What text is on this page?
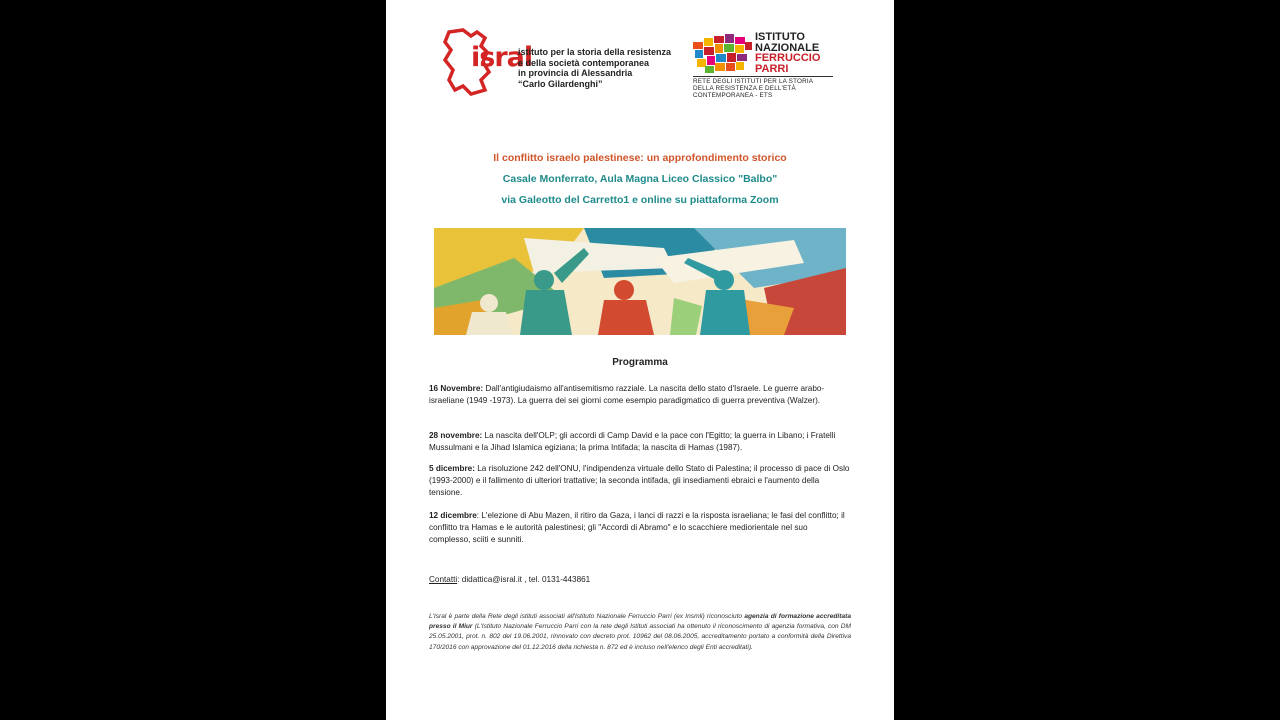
isral
istituto per la storia della resistenza
e della società contemporanea
in provincia di Alessandria
“Carlo Gilardenghi”
ISTITUTO
NAZIONALE
FERRUCCIO
PARRI
RETE DEGLI ISTITUTI PER LA STORIA
DELLA RESISTENZA E DELL'ETÀ
CONTEMPORANEA - ETS
Il conflitto israelo palestinese: un approfondimento storico
Casale Monferrato, Aula Magna Liceo Classico "Balbo"
via Galeotto del Carretto1 e online su piattaforma Zoom
Programma
16 Novembre: Dall'antigiudaismo all'antisemitismo razziale. La nascita dello stato d'Israele. Le guerre arabo- israeliane (1949 -1973). La guerra dei sei giorni come esempio paradigmatico di guerra preventiva (Walzer).
28 novembre: La nascita dell'OLP; gli accordi di Camp David e la pace con l'Egitto; la guerra in Libano; i Fratelli Mussulmani e la Jihad Islamica egiziana; la prima Intifada; la nascita di Hamas (1987).
5 dicembre: La risoluzione 242 dell'ONU, l'indipendenza virtuale dello Stato di Palestina; il processo di pace di Oslo (1993-2000) e il fallimento di ulteriori trattative; la seconda intifada, gli insediamenti ebraici e l'aumento della tensione.
12 dicembre: L'elezione di Abu Mazen, il ritiro da Gaza, i lanci di razzi e la risposta israeliana; le fasi del conflitto; il conflitto tra Hamas e le autorità palestinesi; gli "Accordi di Abramo" e lo scacchiere mediorientale nel suo complesso, sciiti e sunniti.
Contatti: didattica@isral.it , tel. 0131-443861
L'Isral è parte della Rete degli istituti associati all'Istituto Nazionale Ferruccio Parri (ex Insmli) riconosciuto agenzia di formazione accreditata presso il Miur (L'Istituto Nazionale Ferruccio Parri con la rete degli Istituti associati ha ottenuto il riconoscimento di agenzia formativa, con DM 25.05.2001, prot. n. 802 del 19.06.2001, rinnovato con decreto prot. 10962 del 08.06.2005, accreditamento portato a conformità della Direttiva 170/2016 con approvazione del 01.12.2016 della richiesta n. 872 ed è incluso nell'elenco degli Enti accreditati).
